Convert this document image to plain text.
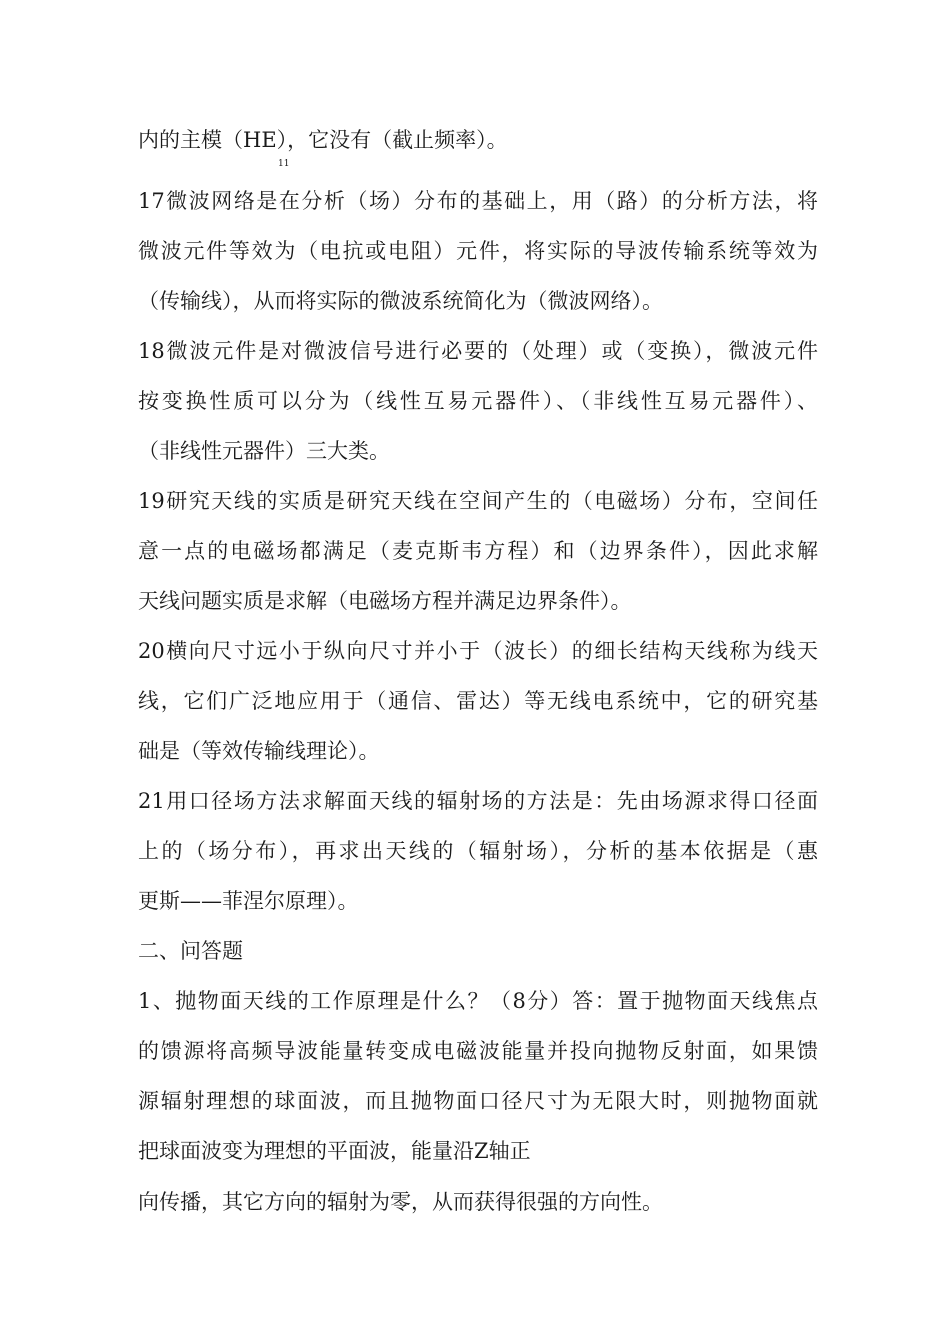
内的主模（HE），它没有（截止频率）。
11
17微波网络是在分析（场）分布的基础上，用（路）的分析方法，将
微波元件等效为（电抗或电阻）元件，将实际的导波传输系统等效为
（传输线），从而将实际的微波系统简化为（微波网络）。
18微波元件是对微波信号进行必要的（处理）或（变换），微波元件
按变换性质可以分为（线性互易元器件）、（非线性互易元器件）、
（非线性元器件）三大类。
19研究天线的实质是研究天线在空间产生的（电磁场）分布，空间任
意一点的电磁场都满足（麦克斯韦方程）和（边界条件），因此求解
天线问题实质是求解（电磁场方程并满足边界条件）。
20横向尺寸远小于纵向尺寸并小于（波长）的细长结构天线称为线天
线，它们广泛地应用于（通信、雷达）等无线电系统中，它的研究基
础是（等效传输线理论）。
21用口径场方法求解面天线的辐射场的方法是：先由场源求得口径面
上的（场分布），再求出天线的（辐射场），分析的基本依据是（惠
更斯——菲涅尔原理）。
二、问答题
1、抛物面天线的工作原理是什么？（8分）答：置于抛物面天线焦点
的馈源将高频导波能量转变成电磁波能量并投向抛物反射面，如果馈
源辐射理想的球面波，而且抛物面口径尺寸为无限大时，则抛物面就
把球面波变为理想的平面波，能量沿Z轴正
向传播，其它方向的辐射为零，从而获得很强的方向性。
